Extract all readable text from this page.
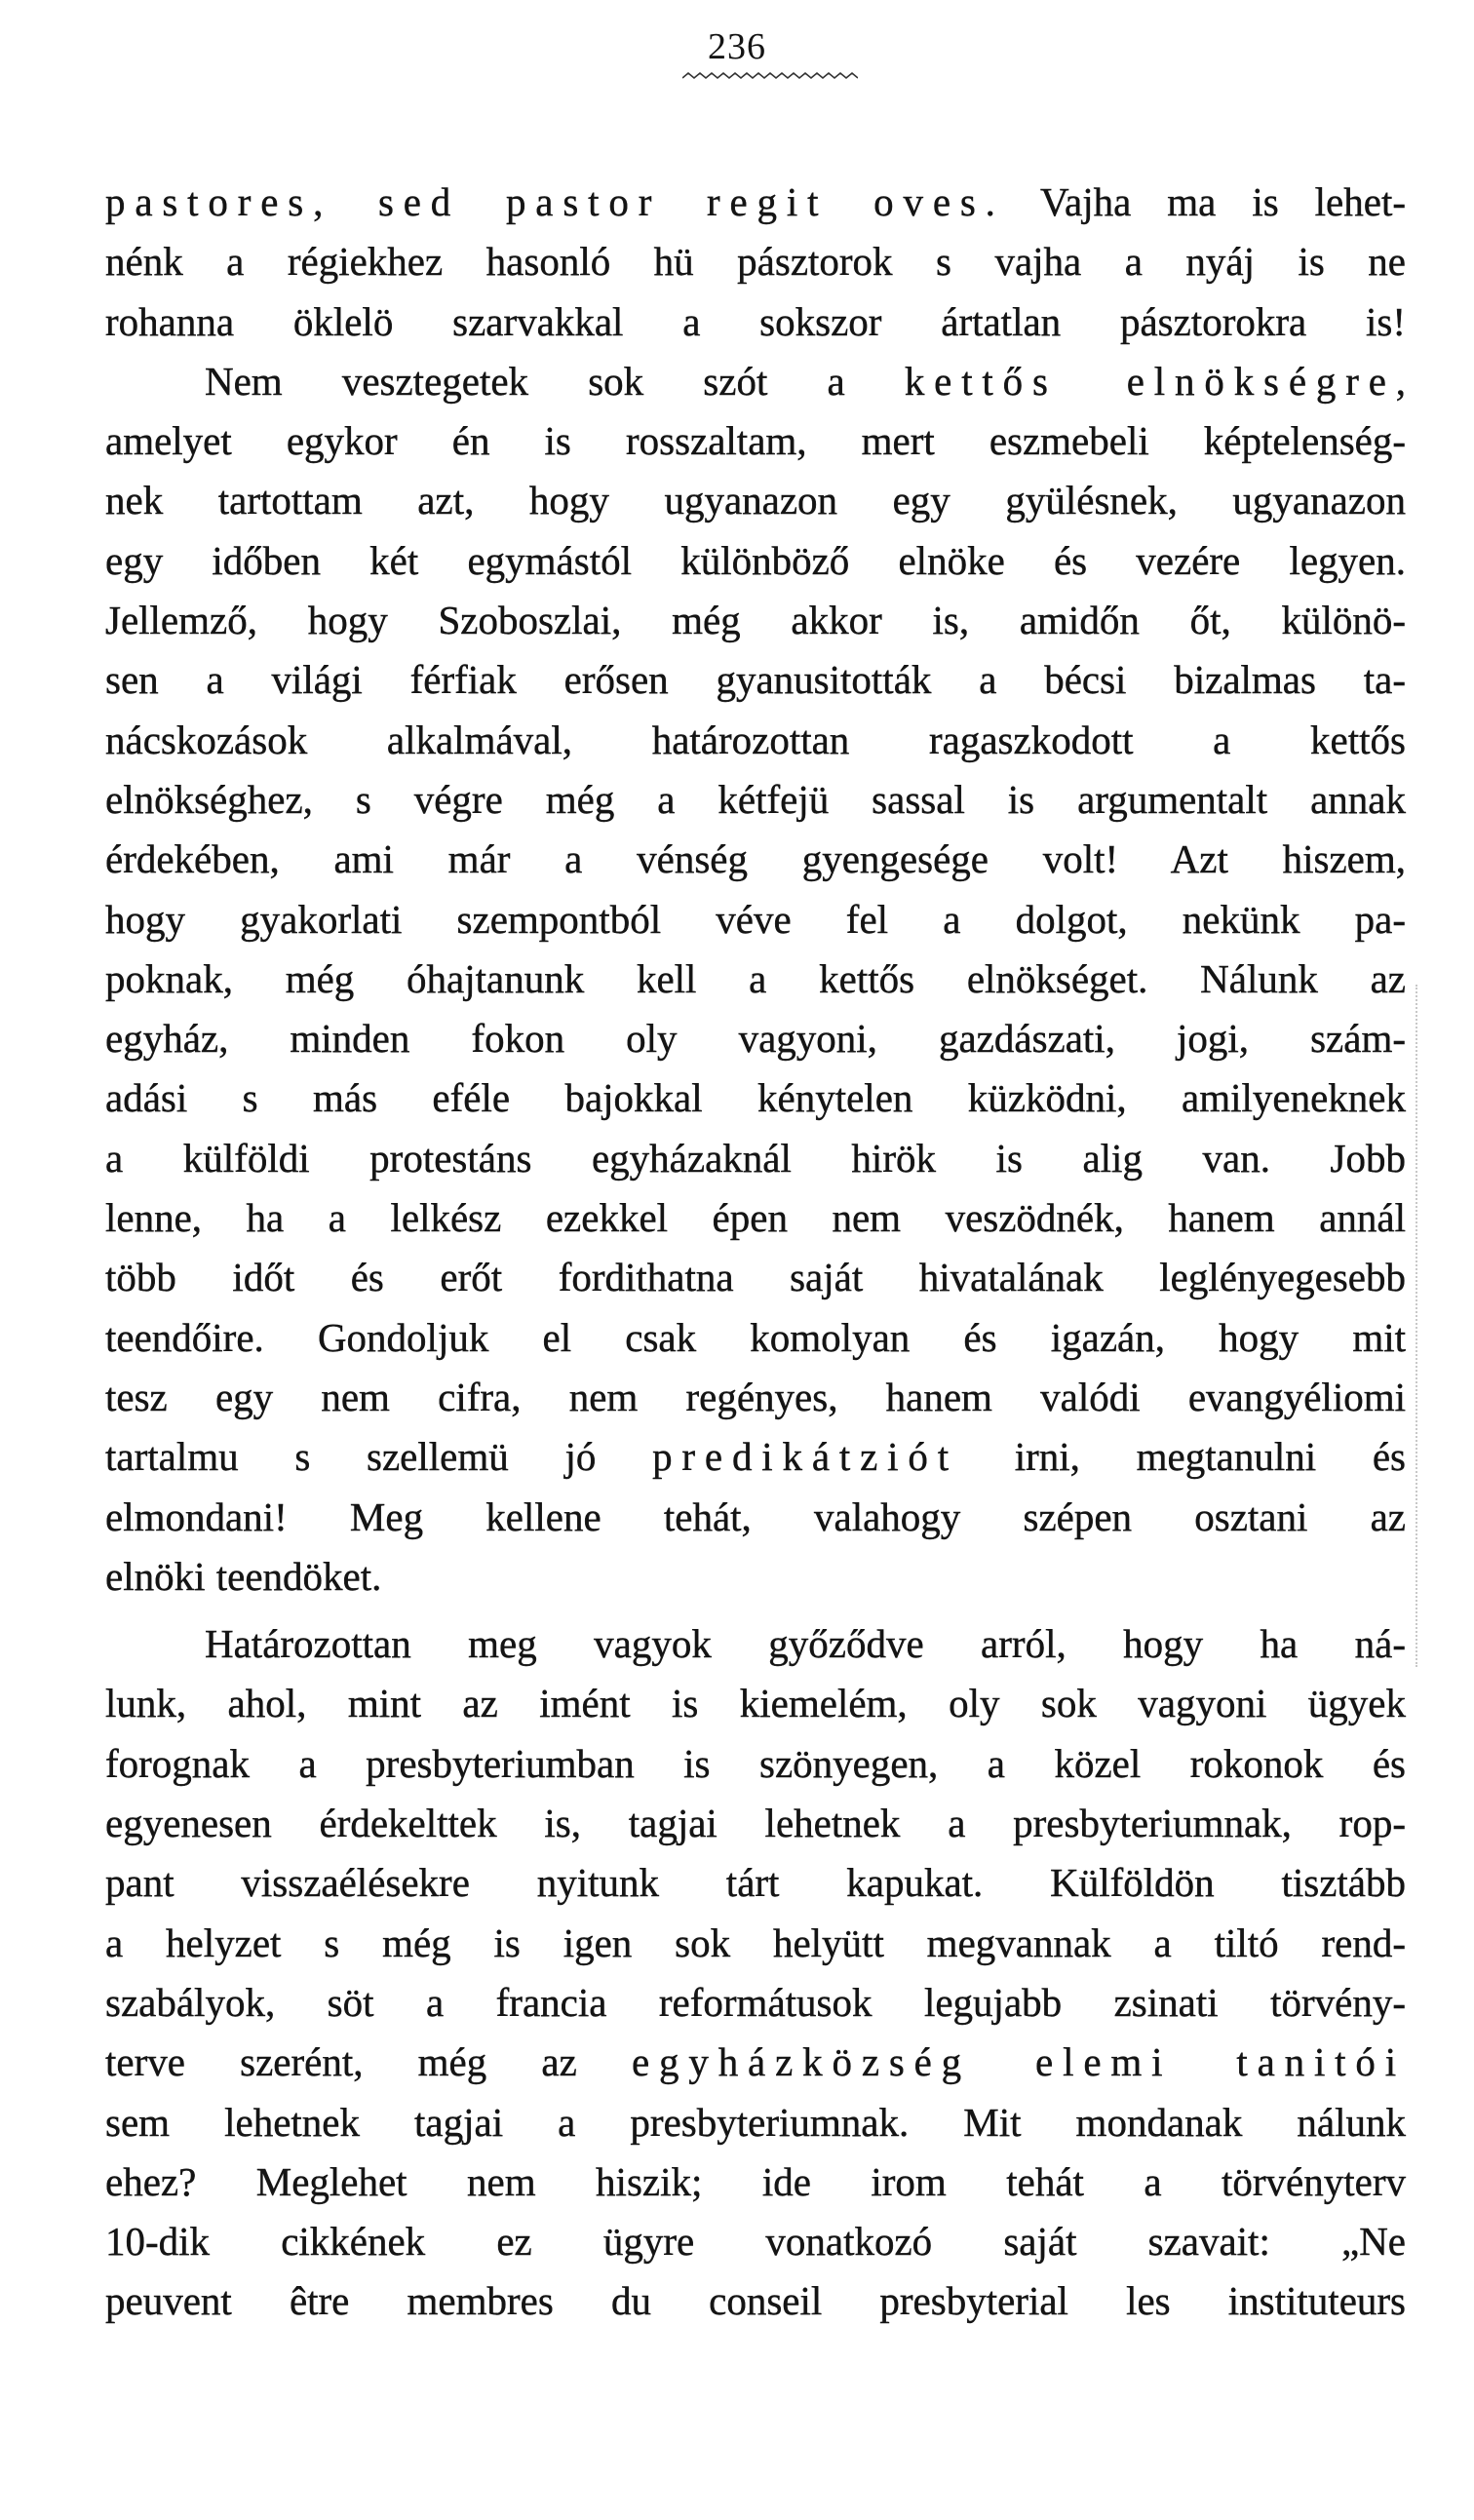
236
pastores, sed pastor regit oves. Vajha ma is lehet-
nénk a régiekhez hasonló hü pásztorok s vajha a nyáj is ne
rohanna öklelö szarvakkal a sokszor ártatlan pásztorokra is!
Nem vesztegetek sok szót a kettős elnökségre,
amelyet egykor én is rosszaltam, mert eszmebeli képtelenség-
nek tartottam azt, hogy ugyanazon egy gyülésnek, ugyanazon
egy időben két egymástól különböző elnöke és vezére legyen.
Jellemző, hogy Szoboszlai, még akkor is, amidőn őt, különö-
sen a világi férfiak erősen gyanusitották a bécsi bizalmas ta-
nácskozások alkalmával, határozottan ragaszkodott a kettős
elnökséghez, s végre még a kétfejü sassal is argumentalt annak
érdekében, ami már a vénség gyengesége volt! Azt hiszem,
hogy gyakorlati szempontból véve fel a dolgot, nekünk pa-
poknak, még óhajtanunk kell a kettős elnökséget. Nálunk az
egyház, minden fokon oly vagyoni, gazdászati, jogi, szám-
adási s más eféle bajokkal kénytelen küzködni, amilyeneknek
a külföldi protestáns egyházaknál hirök is alig van. Jobb
lenne, ha a lelkész ezekkel épen nem veszödnék, hanem annál
több időt és erőt fordithatna saját hivatalának leglényegesebb
teendőire. Gondoljuk el csak komolyan és igazán, hogy mit
tesz egy nem cifra, nem regényes, hanem valódi evangyéliomi
tartalmu s szellemü jó predikátziót irni, megtanulni és
elmondani! Meg kellene tehát, valahogy szépen osztani az
elnöki teendöket.
Határozottan meg vagyok győződve arról, hogy ha ná-
lunk, ahol, mint az imént is kiemelém, oly sok vagyoni ügyek
forognak a presbyteriumban is szönyegen, a közel rokonok és
egyenesen érdekelttek is, tagjai lehetnek a presbyteriumnak, rop-
pant visszaélésekre nyitunk tárt kapukat. Külföldön tisztább
a helyzet s még is igen sok helyütt megvannak a tiltó rend-
szabályok, söt a francia reformátusok legujabb zsinati törvény-
terve szerént, még az egyházközség elemi tanitói
sem lehetnek tagjai a presbyteriumnak. Mit mondanak nálunk
ehez? Meglehet nem hiszik; ide irom tehát a törvényterv
10-dik cikkének ez ügyre vonatkozó saját szavait: „Ne
peuvent être membres du conseil presbyterial les instituteurs
